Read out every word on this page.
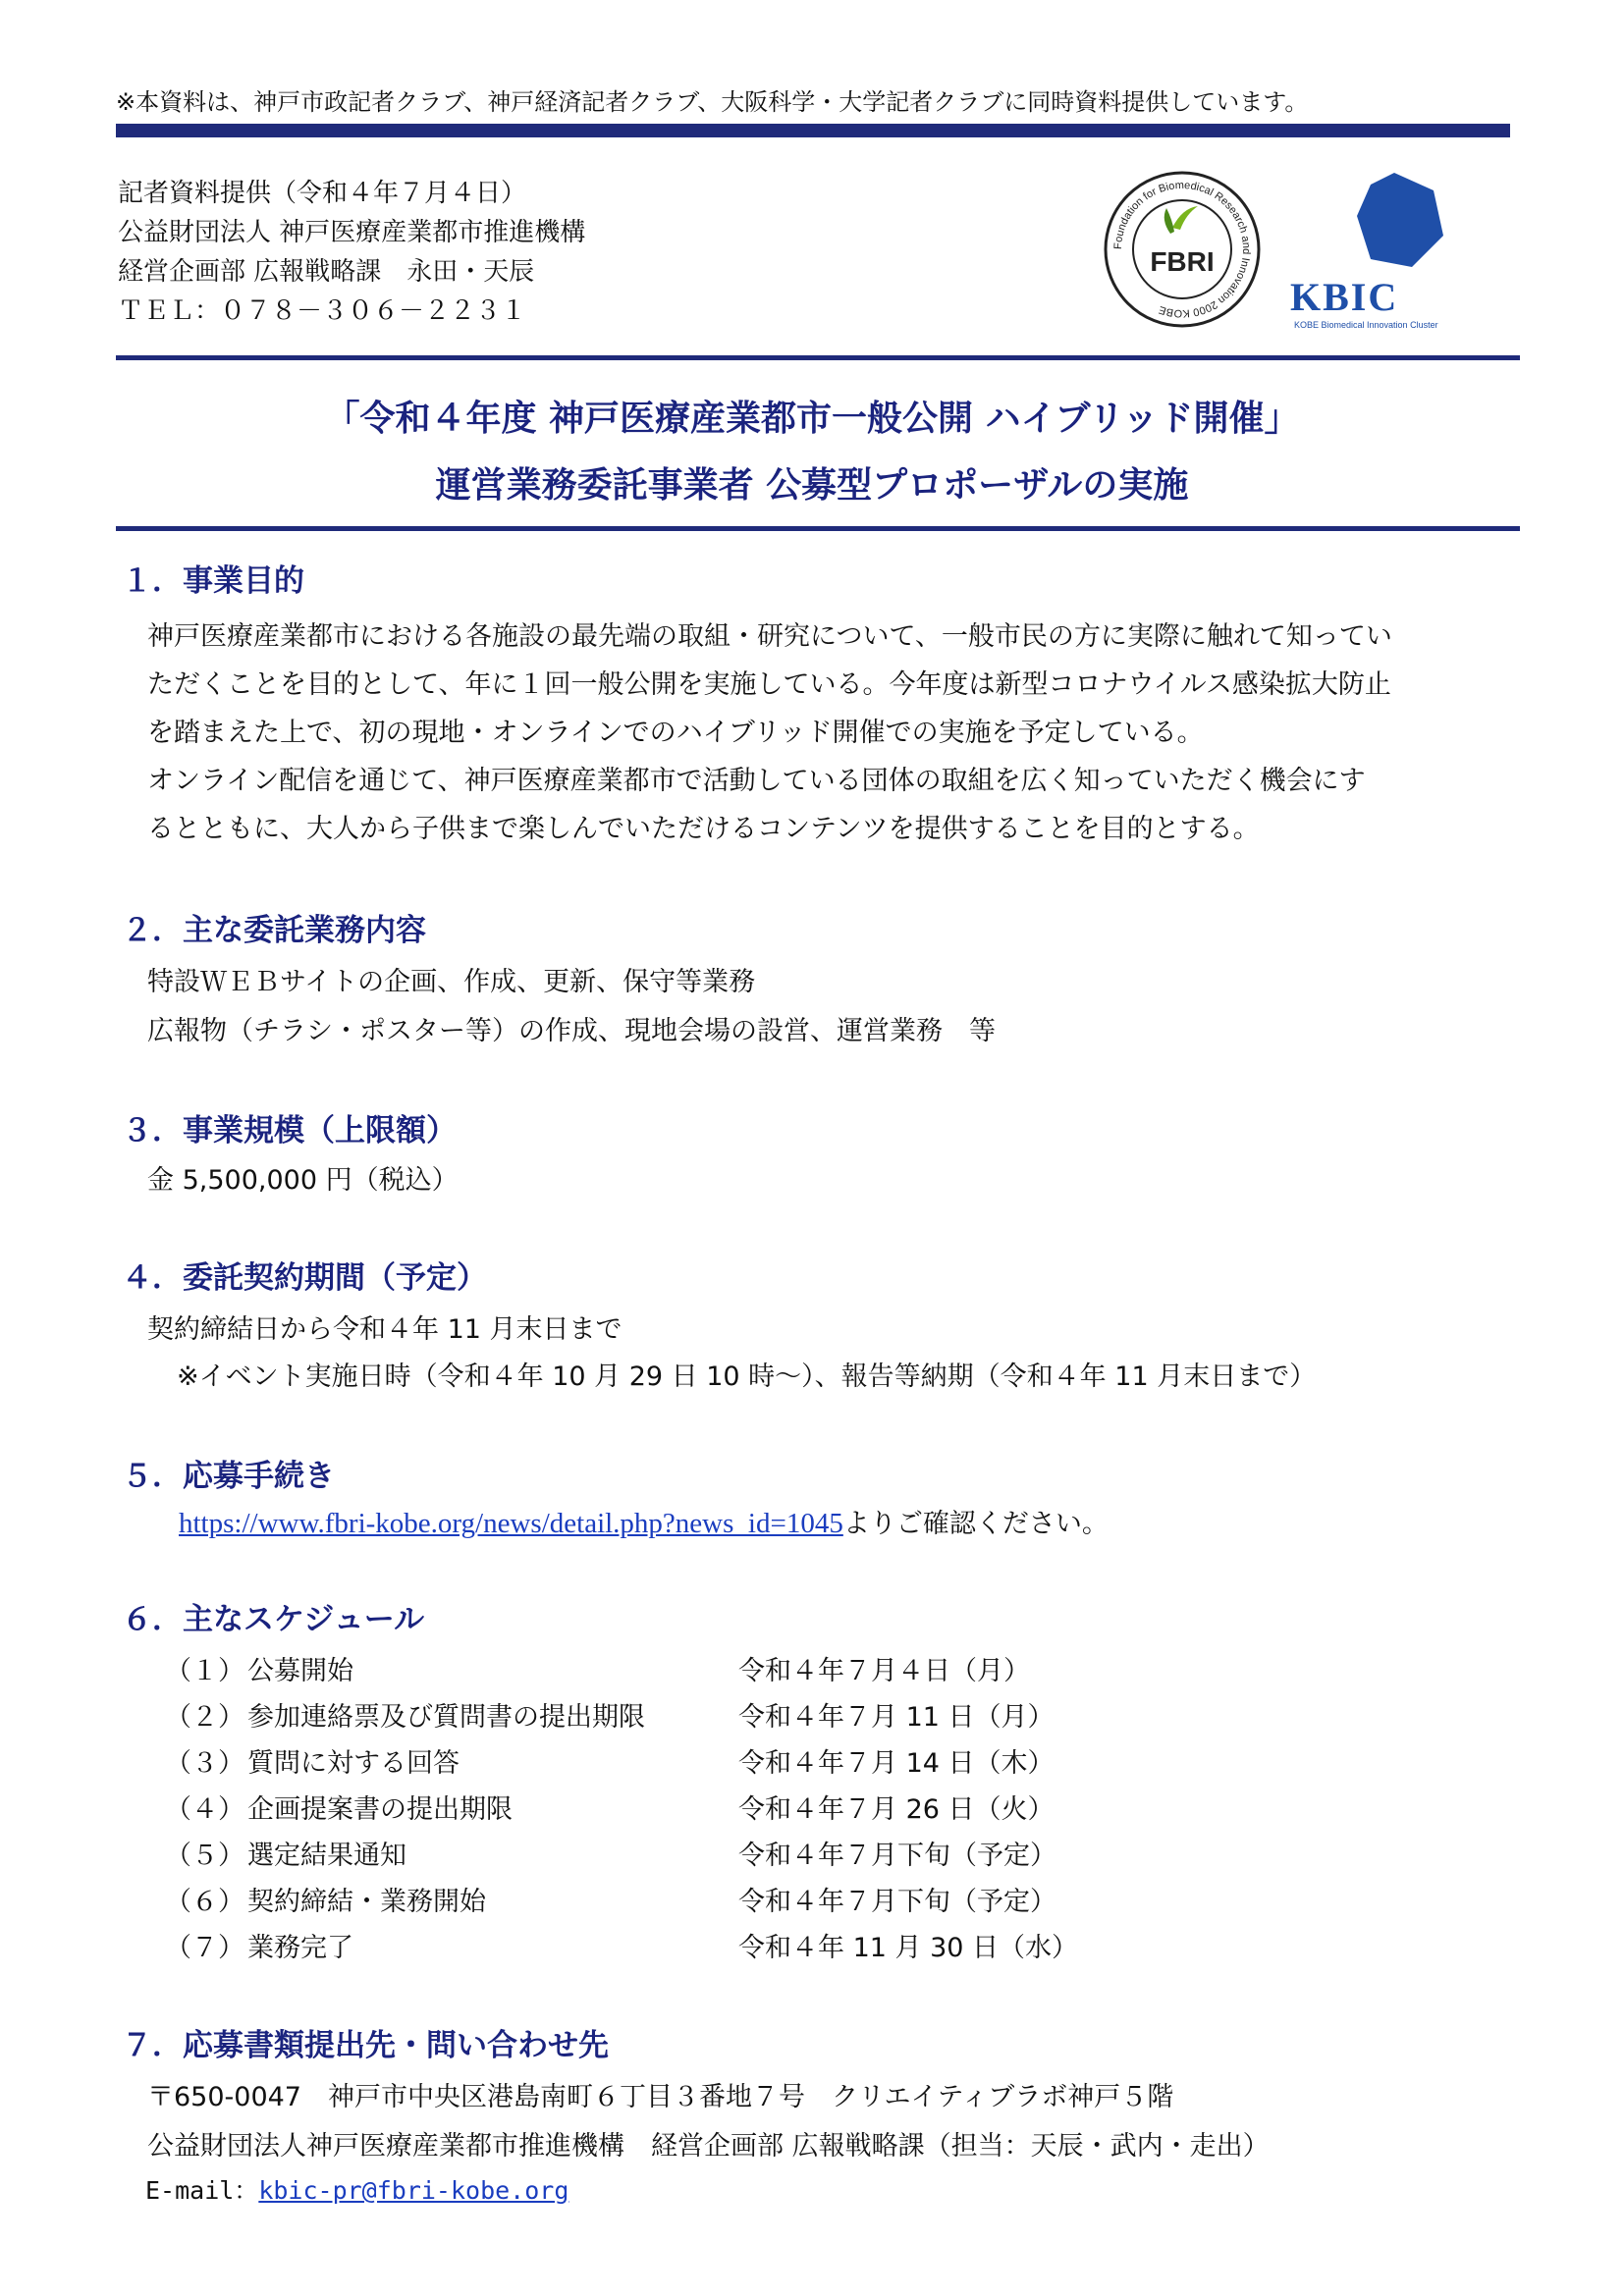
※本資料は、神戸市政記者クラブ、神戸経済記者クラブ、大阪科学・大学記者クラブに同時資料提供しています。
記者資料提供（令和４年７月４日）
公益財団法人 神戸医療産業都市推進機構
経営企画部 広報戦略課　永田・天辰
ＴＥＬ：０７８－３０６－２２３１
Foundation for Biomedical Research and Innovation 2000 KOBE
FBRI
KBIC
KOBE Biomedical Innovation Cluster
「令和４年度 神戸医療産業都市一般公開 ハイブリッド開催」
運営業務委託事業者 公募型プロポーザルの実施
１．事業目的
神戸医療産業都市における各施設の最先端の取組・研究について、一般市民の方に実際に触れて知ってい
ただくことを目的として、年に１回一般公開を実施している。今年度は新型コロナウイルス感染拡大防止
を踏まえた上で、初の現地・オンラインでのハイブリッド開催での実施を予定している。
オンライン配信を通じて、神戸医療産業都市で活動している団体の取組を広く知っていただく機会にす
るとともに、大人から子供まで楽しんでいただけるコンテンツを提供することを目的とする。
２．主な委託業務内容
特設ＷＥＢサイトの企画、作成、更新、保守等業務
広報物（チラシ・ポスター等）の作成、現地会場の設営、運営業務　等
３．事業規模（上限額）
金 5,500,000 円（税込）
４．委託契約期間（予定）
契約締結日から令和４年 11 月末日まで
※イベント実施日時（令和４年 10 月 29 日 10 時～）、報告等納期（令和４年 11 月末日まで）
５．応募手続き
https://www.fbri-kobe.org/news/detail.php?news_id=1045よりご確認ください。
６．主なスケジュール
（１） 公募開始	令和４年７月４日（月）
（２） 参加連絡票及び質問書の提出期限	令和４年７月 11 日（月）
（３） 質問に対する回答	令和４年７月 14 日（木）
（４） 企画提案書の提出期限	令和４年７月 26 日（火）
（５） 選定結果通知	令和４年７月下旬（予定）
（６） 契約締結・業務開始	令和４年７月下旬（予定）
（７） 業務完了	令和４年 11 月 30 日（水）
７．応募書類提出先・問い合わせ先
〒650-0047　神戸市中央区港島南町６丁目３番地７号　クリエイティブラボ神戸５階
公益財団法人神戸医療産業都市推進機構　経営企画部 広報戦略課（担当：天辰・武内・走出）
E-mail：kbic-pr@fbri-kobe.org
